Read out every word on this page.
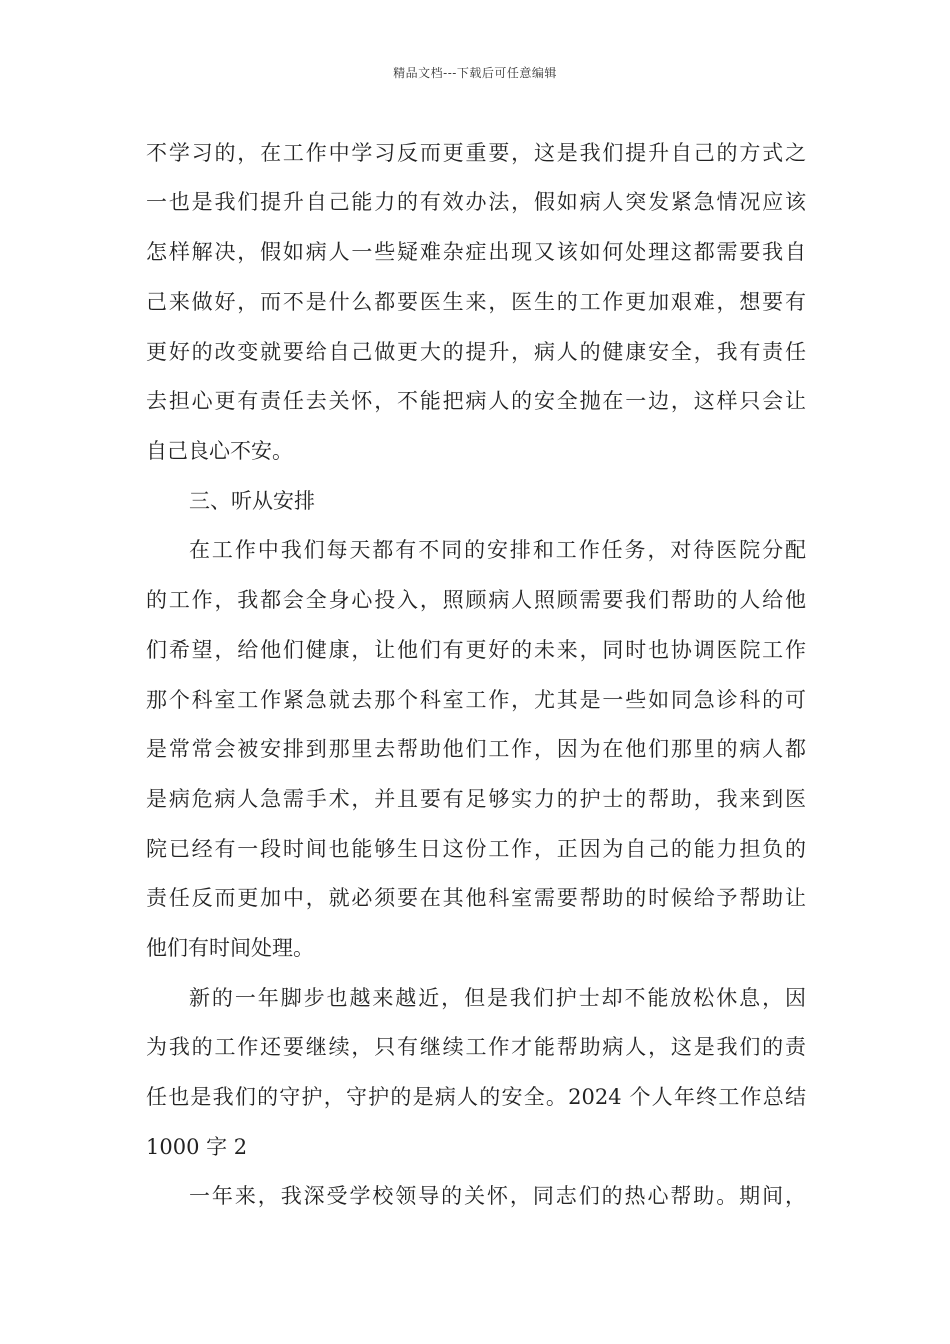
精品文档---下载后可任意编辑
不学习的，在工作中学习反而更重要，这是我们提升自己的方式之
一也是我们提升自己能力的有效办法，假如病人突发紧急情况应该
怎样解决，假如病人一些疑难杂症出现又该如何处理这都需要我自
己来做好，而不是什么都要医生来，医生的工作更加艰难，想要有
更好的改变就要给自己做更大的提升，病人的健康安全，我有责任
去担心更有责任去关怀，不能把病人的安全抛在一边，这样只会让
自己良心不安。
三、听从安排
在工作中我们每天都有不同的安排和工作任务，对待医院分配
的工作，我都会全身心投入，照顾病人照顾需要我们帮助的人给他
们希望，给他们健康，让他们有更好的未来，同时也协调医院工作
那个科室工作紧急就去那个科室工作，尤其是一些如同急诊科的可
是常常会被安排到那里去帮助他们工作，因为在他们那里的病人都
是病危病人急需手术，并且要有足够实力的护士的帮助，我来到医
院已经有一段时间也能够生日这份工作，正因为自己的能力担负的
责任反而更加中，就必须要在其他科室需要帮助的时候给予帮助让
他们有时间处理。
新的一年脚步也越来越近，但是我们护士却不能放松休息，因
为我的工作还要继续，只有继续工作才能帮助病人，这是我们的责
任也是我们的守护，守护的是病人的安全。2024 个人年终工作总结
1000 字 2
一年来，我深受学校领导的关怀，同志们的热心帮助。期间，
